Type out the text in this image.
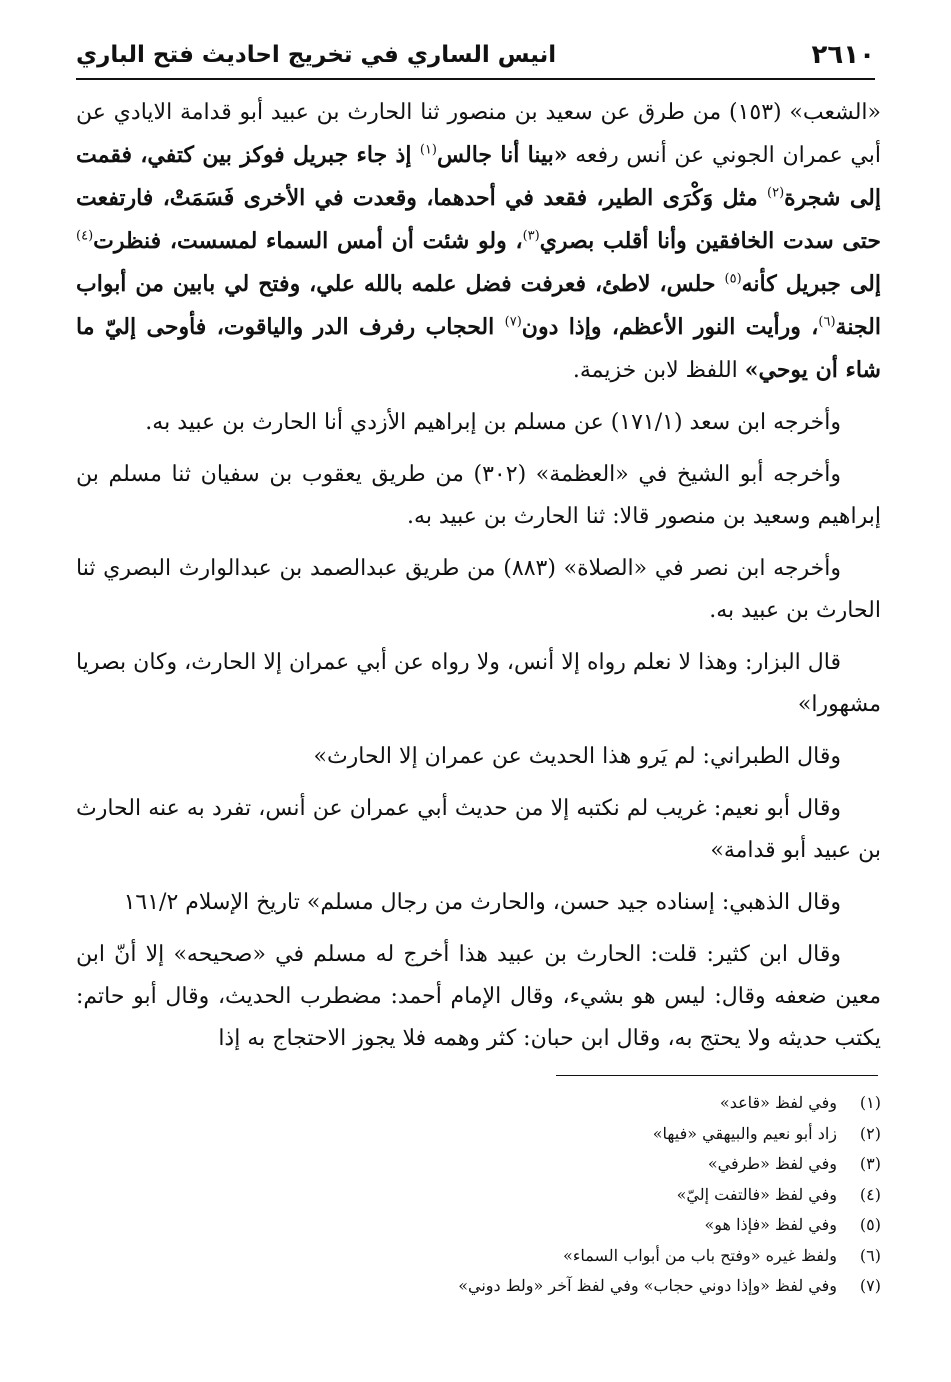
٢٦١٠
انيس الساري في تخريج احاديث فتح الباري

«الشعب» (١٥٣) من طرق عن سعيد بن منصور ثنا الحارث بن عبيد أبو قدامة الايادي عن أبي عمران الجوني عن أنس رفعه «بينا أنا جالس$^{(١)}$ إذ جاء جبريل فوكز بين كتفي، فقمت إلى شجرة$^{(٢)}$ مثل وَكْرَى الطير، فقعد في أحدهما، وقعدت في الأخرى فَسَمَتْ، فارتفعت حتى سدت الخافقين وأنا أقلب بصري$^{(٣)}$، ولو شئت أن أمس السماء لمسست، فنظرت$^{(٤)}$ إلى جبريل كأنه$^{(٥)}$ حلس، لاطئ، فعرفت فضل علمه بالله علي، وفتح لي بابين من أبواب الجنة$^{(٦)}$، ورأيت النور الأعظم، وإذا دون$^{(٧)}$ الحجاب رفرف الدر والياقوت، فأوحى إليّ ما شاء أن يوحي» اللفظ لابن خزيمة.

وأخرجه ابن سعد (١٧١/١) عن مسلم بن إبراهيم الأزدي أنا الحارث بن عبيد به.

وأخرجه أبو الشيخ في «العظمة» (٣٠٢) من طريق يعقوب بن سفيان ثنا مسلم بن إبراهيم وسعيد بن منصور قالا: ثنا الحارث بن عبيد به.

وأخرجه ابن نصر في «الصلاة» (٨٨٣) من طريق عبدالصمد بن عبدالوارث البصري ثنا الحارث بن عبيد به.

قال البزار: وهذا لا نعلم رواه إلا أنس، ولا رواه عن أبي عمران إلا الحارث، وكان بصريا مشهورا»

وقال الطبراني: لم يَرو هذا الحديث عن عمران إلا الحارث»

وقال أبو نعيم: غريب لم نكتبه إلا من حديث أبي عمران عن أنس، تفرد به عنه الحارث بن عبيد أبو قدامة»

وقال الذهبي: إسناده جيد حسن، والحارث من رجال مسلم» تاريخ الإسلام ١٦١/٢

وقال ابن كثير: قلت: الحارث بن عبيد هذا أخرج له مسلم في «صحيحه» إلا أنّ ابن معين ضعفه وقال: ليس هو بشيء، وقال الإمام أحمد: مضطرب الحديث، وقال أبو حاتم: يكتب حديثه ولا يحتج به، وقال ابن حبان: كثر وهمه فلا يجوز الاحتجاج به إذا

(١)
وفي لفظ «قاعد»
(٢)
زاد أبو نعيم والبيهقي «فيها»
(٣)
وفي لفظ «طرفي»
(٤)
وفي لفظ «فالتفت إليّ»
(٥)
وفي لفظ «فإذا هو»
(٦)
ولفظ غيره «وفتح باب من أبواب السماء»
(٧)
وفي لفظ «وإذا دوني حجاب» وفي لفظ آخر «ولط دوني»
